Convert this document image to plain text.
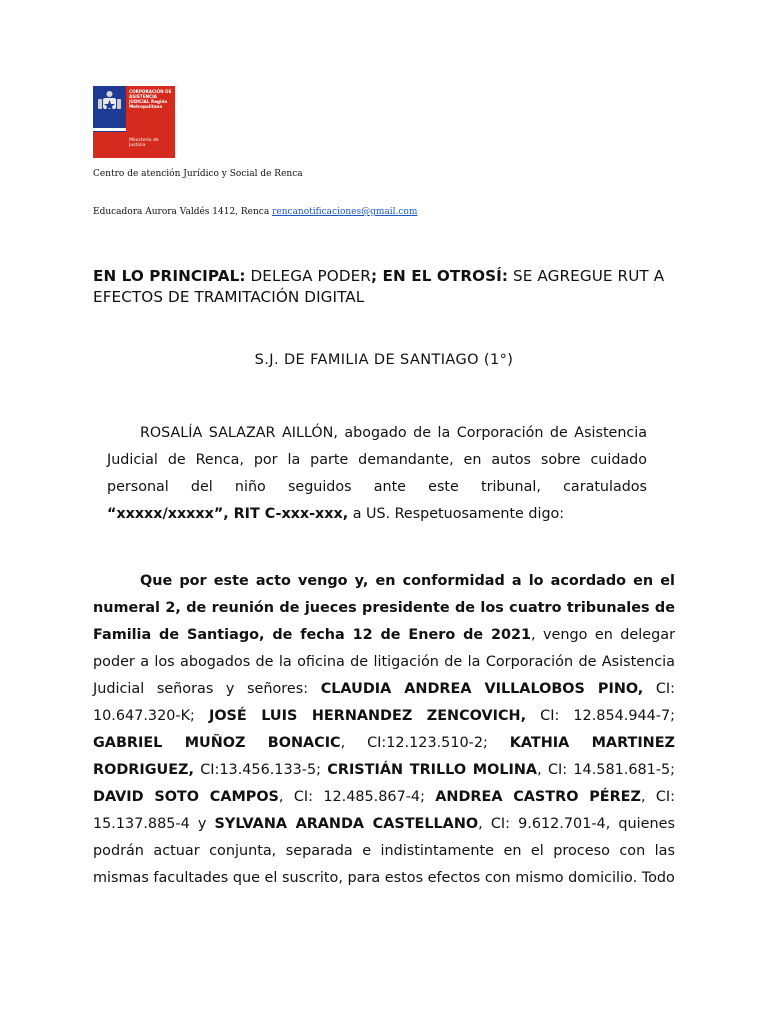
CORPORACIÓN DE ASISTENCIA JUDICIAL Región Metropolitana
Ministerio de Justicia
Centro de atención Jurídico y Social de Renca
Educadora Aurora Valdés 1412, Renca rencanotificaciones@gmail.com
EN LO PRINCIPAL: DELEGA PODER; EN EL OTROSÍ: SE AGREGUE RUT A EFECTOS DE TRAMITACIÓN DIGITAL
S.J. DE FAMILIA DE SANTIAGO (1°)
ROSALÍA SALAZAR AILLÓN, abogado de la Corporación de Asistencia Judicial de Renca, por la parte demandante, en autos sobre cuidado personal del niño seguidos ante este tribunal, caratulados “xxxxx/xxxxx”, RIT C-xxx-xxx, a US. Respetuosamente digo:
Que por este acto vengo y, en conformidad a lo acordado en el numeral 2, de reunión de jueces presidente de los cuatro tribunales de Familia de Santiago, de fecha 12 de Enero de 2021, vengo en delegar poder a los abogados de la oficina de litigación de la Corporación de Asistencia Judicial señoras y señores: CLAUDIA ANDREA VILLALOBOS PINO, CI: 10.647.320-K; JOSÉ LUIS HERNANDEZ ZENCOVICH, CI: 12.854.944-7; GABRIEL MUÑOZ BONACIC, CI:12.123.510-2; KATHIA MARTINEZ RODRIGUEZ, CI:13.456.133-5; CRISTIÁN TRILLO MOLINA, CI: 14.581.681-5; DAVID SOTO CAMPOS, CI: 12.485.867-4; ANDREA CASTRO PÉREZ, CI: 15.137.885-4 y SYLVANA ARANDA CASTELLANO, CI: 9.612.701-4, quienes podrán actuar conjunta, separada e indistintamente en el proceso con las mismas facultades que el suscrito, para estos efectos con mismo domicilio. Todo
